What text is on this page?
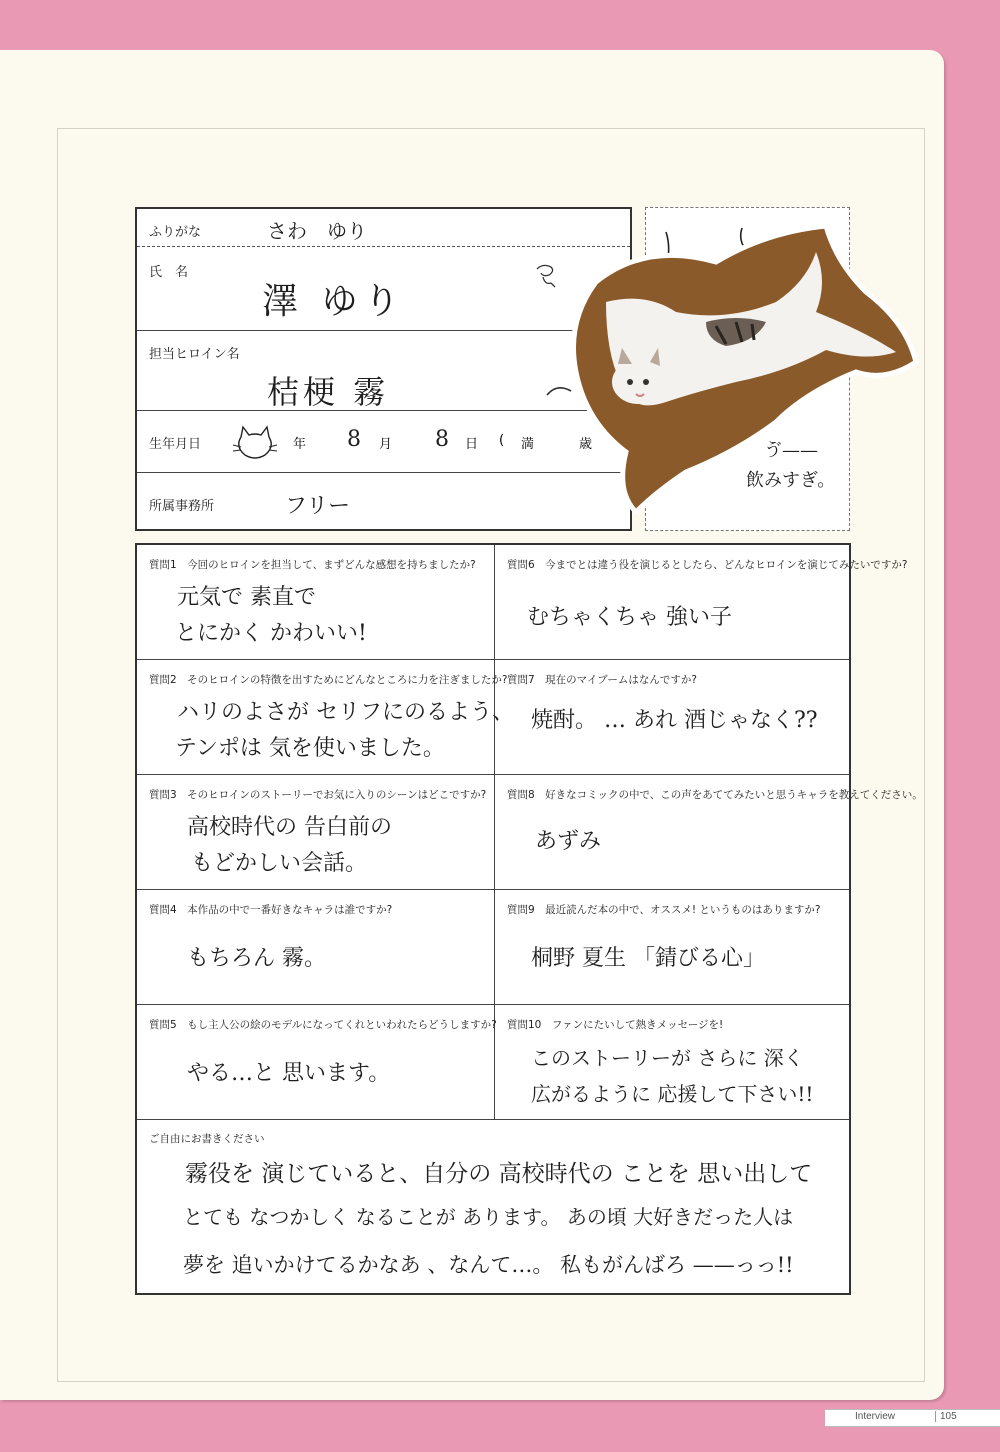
ふりがな	さわ　ゆり
氏　名
澤 ゆり
担当ヒロイン名
桔梗 霧
生年月日	年 8 月 8 日 ( 満	歳
所属事務所	フリー
ゔ——
飲みすぎ。
質問1　今回のヒロインを担当して、まずどんな感想を持ちましたか?
元気で 素直で
とにかく かわいい!
質問6　今までとは違う役を演じるとしたら、どんなヒロインを演じてみたいですか?
むちゃくちゃ 強い子
質問2　そのヒロインの特徴を出すためにどんなところに力を注ぎましたか?
ハリのよさが セリフにのるよう、
テンポは 気を使いました。
質問7　現在のマイブームはなんですか?
焼酎。 … あれ 酒じゃなく??
質問3　そのヒロインのストーリーでお気に入りのシーンはどこですか?
高校時代の 告白前の
もどかしい会話。
質問8　好きなコミックの中で、この声をあててみたいと思うキャラを教えてください。
あずみ
質問4　本作品の中で一番好きなキャラは誰ですか?
もちろん 霧。
質問9　最近読んだ本の中で、オススメ! というものはありますか?
桐野 夏生 「錆びる心」
質問5　もし主人公の絵のモデルになってくれといわれたらどうしますか?
やる…と 思います。
質問10　ファンにたいして熱きメッセージを!
このストーリーが さらに 深く
広がるように 応援して下さい!!
ご自由にお書きください
霧役を 演じていると、自分の 高校時代の ことを 思い出して
とても なつかしく なることが あります。 あの頃 大好きだった人は
夢を 追いかけてるかなあ 、なんて…。 私もがんばろ ——っっ!!
Interview	105
